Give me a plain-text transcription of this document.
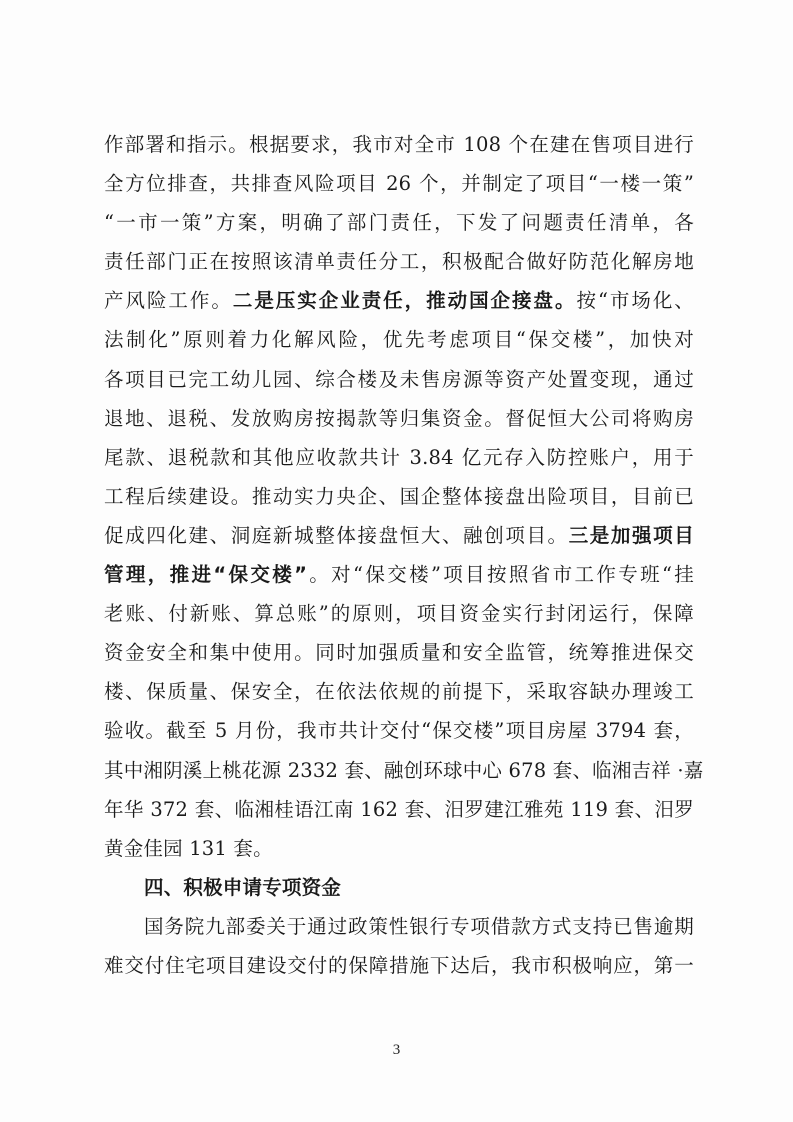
作部署和指示。根据要求，我市对全市 108 个在建在售项目进行
全方位排查，共排查风险项目 26 个，并制定了项目“一楼一策”
“一市一策”方案，明确了部门责任，下发了问题责任清单，各
责任部门正在按照该清单责任分工，积极配合做好防范化解房地
产风险工作。二是压实企业责任，推动国企接盘。按“市场化、
法制化”原则着力化解风险，优先考虑项目“保交楼”，加快对
各项目已完工幼儿园、综合楼及未售房源等资产处置变现，通过
退地、退税、发放购房按揭款等归集资金。督促恒大公司将购房
尾款、退税款和其他应收款共计 3.84 亿元存入防控账户，用于
工程后续建设。推动实力央企、国企整体接盘出险项目，目前已
促成四化建、洞庭新城整体接盘恒大、融创项目。三是加强项目
管理，推进“保交楼”。对“保交楼”项目按照省市工作专班“挂
老账、付新账、算总账”的原则，项目资金实行封闭运行，保障
资金安全和集中使用。同时加强质量和安全监管，统筹推进保交
楼、保质量、保安全，在依法依规的前提下，采取容缺办理竣工
验收。截至 5 月份，我市共计交付“保交楼”项目房屋 3794 套，
其中湘阴溪上桃花源 2332 套、融创环球中心 678 套、临湘吉祥 ·嘉
年华 372 套、临湘桂语江南 162 套、汨罗建江雅苑 119 套、汨罗
黄金佳园 131 套。
四、积极申请专项资金
国务院九部委关于通过政策性银行专项借款方式支持已售逾期
难交付住宅项目建设交付的保障措施下达后，我市积极响应，第一
3
